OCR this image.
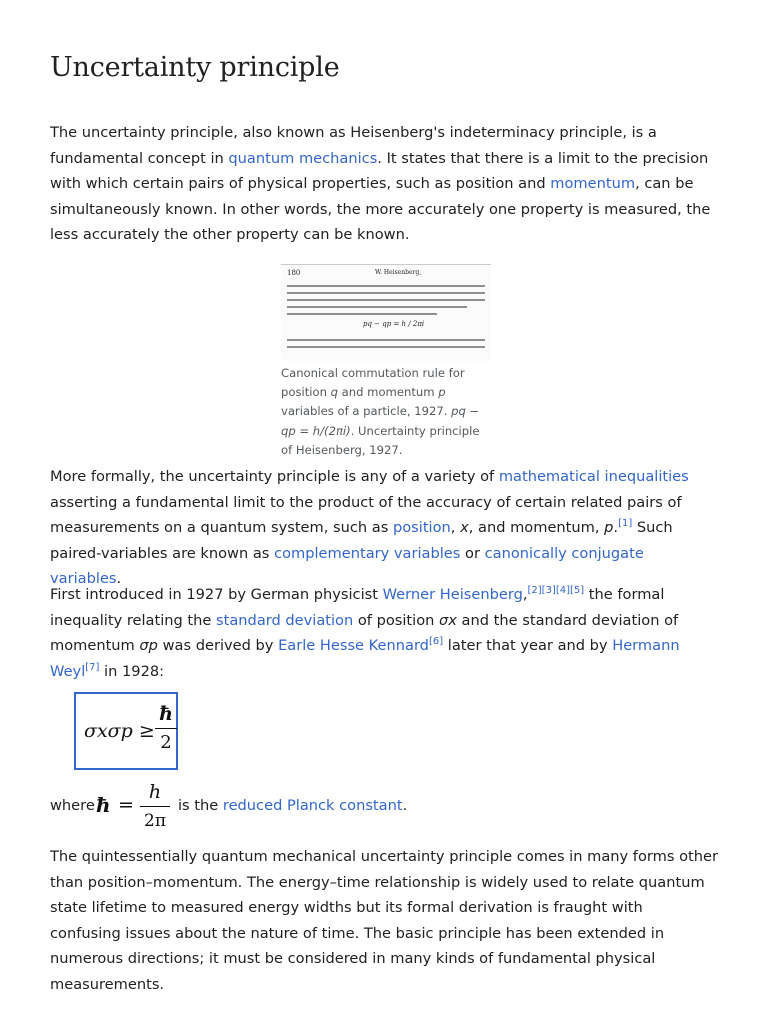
Uncertainty principle

The uncertainty principle, also known as Heisenberg's indeterminacy principle, is a fundamental concept in quantum mechanics. It states that there is a limit to the precision with which certain pairs of physical properties, such as position and momentum, can be simultaneously known. In other words, the more accurately one property is measured, the less accurately the other property can be known.

180	W. Heisenberg,
pq − qp = h / 2πi
Canonical commutation rule for position q and momentum p variables of a particle, 1927. pq − qp = h/(2πi). Uncertainty principle of Heisenberg, 1927.

More formally, the uncertainty principle is any of a variety of mathematical inequalities asserting a fundamental limit to the product of the accuracy of certain related pairs of measurements on a quantum system, such as position, x, and momentum, p.[1] Such paired-variables are known as complementary variables or canonically conjugate variables.

First introduced in 1927 by German physicist Werner Heisenberg,[2][3][4][5] the formal inequality relating the standard deviation of position σx and the standard deviation of momentum σp was derived by Earle Hesse Kennard[6] later that year and by Hermann Weyl[7] in 1928:

σxσp ≥
ħ
2
where ħ =
h
2π
is the reduced Planck constant.

The quintessentially quantum mechanical uncertainty principle comes in many forms other than position–momentum. The energy–time relationship is widely used to relate quantum state lifetime to measured energy widths but its formal derivation is fraught with confusing issues about the nature of time. The basic principle has been extended in numerous directions; it must be considered in many kinds of fundamental physical measurements.
